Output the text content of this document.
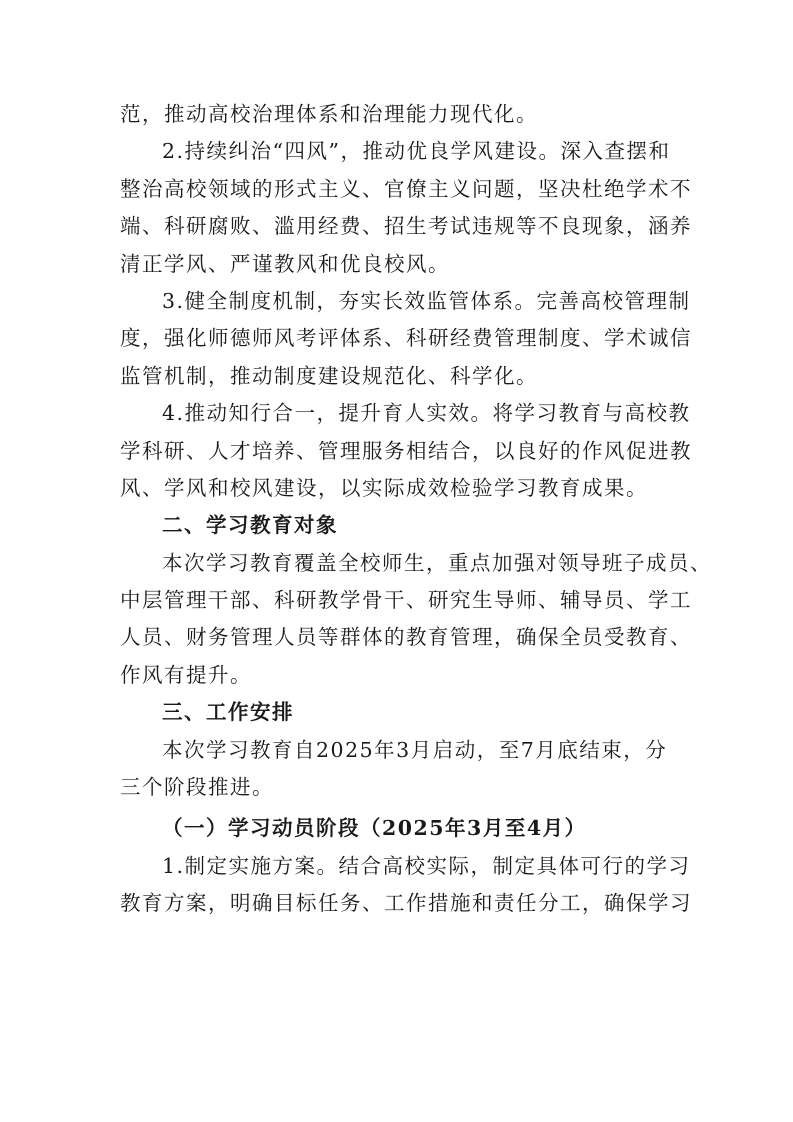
范，推动高校治理体系和治理能力现代化。
2.持续纠治“四风”，推动优良学风建设。深入查摆和
整治高校领域的形式主义、官僚主义问题，坚决杜绝学术不
端、科研腐败、滥用经费、招生考试违规等不良现象，涵养
清正学风、严谨教风和优良校风。
3.健全制度机制，夯实长效监管体系。完善高校管理制
度，强化师德师风考评体系、科研经费管理制度、学术诚信
监管机制，推动制度建设规范化、科学化。
4.推动知行合一，提升育人实效。将学习教育与高校教
学科研、人才培养、管理服务相结合，以良好的作风促进教
风、学风和校风建设，以实际成效检验学习教育成果。
二、学习教育对象
本次学习教育覆盖全校师生，重点加强对领导班子成员、
中层管理干部、科研教学骨干、研究生导师、辅导员、学工
人员、财务管理人员等群体的教育管理，确保全员受教育、
作风有提升。
三、工作安排
本次学习教育自2025年3月启动，至7月底结束，分
三个阶段推进。
（一）学习动员阶段（2025年3月至4月）
1.制定实施方案。结合高校实际，制定具体可行的学习
教育方案，明确目标任务、工作措施和责任分工，确保学习
